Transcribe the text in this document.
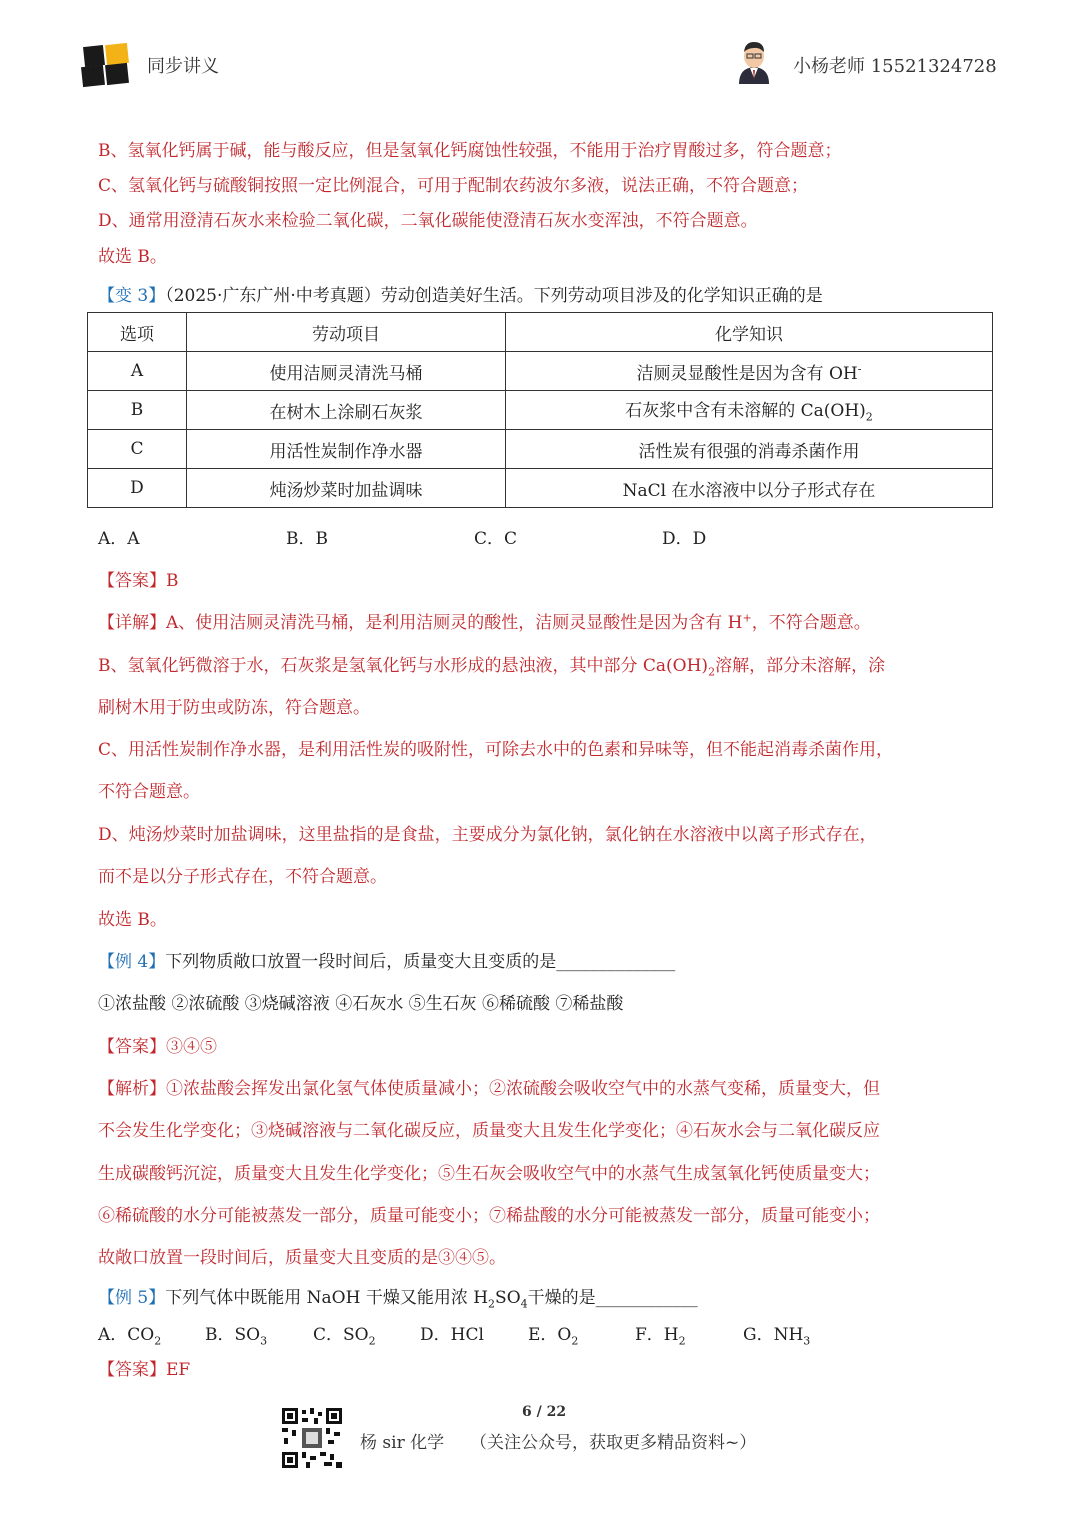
同步讲义	小杨老师 15521324728
B、氢氧化钙属于碱，能与酸反应，但是氢氧化钙腐蚀性较强，不能用于治疗胃酸过多，符合题意；
C、氢氧化钙与硫酸铜按照一定比例混合，可用于配制农药波尔多液，说法正确，不符合题意；
D、通常用澄清石灰水来检验二氧化碳，二氧化碳能使澄清石灰水变浑浊，不符合题意。
故选 B。
【变 3】（2025·广东广州·中考真题）劳动创造美好生活。下列劳动项目涉及的化学知识正确的是
选项	劳动项目	化学知识
A	使用洁厕灵清洗马桶	洁厕灵显酸性是因为含有 OH-
B	在树木上涂刷石灰浆	石灰浆中含有未溶解的 $Ca(OH)_2$
C	用活性炭制作净水器	活性炭有很强的消毒杀菌作用
D	炖汤炒菜时加盐调味	NaCl 在水溶液中以分子形式存在
A．A	B．B	C．C	D．D
【答案】B
【详解】A、使用洁厕灵清洗马桶，是利用洁厕灵的酸性，洁厕灵显酸性是因为含有 H+，不符合题意。
B、氢氧化钙微溶于水，石灰浆是氢氧化钙与水形成的悬浊液，其中部分 $Ca(OH)_2$溶解，部分未溶解，涂
刷树木用于防虫或防冻，符合题意。
C、用活性炭制作净水器，是利用活性炭的吸附性，可除去水中的色素和异味等，但不能起消毒杀菌作用，
不符合题意。
D、炖汤炒菜时加盐调味，这里盐指的是食盐，主要成分为氯化钠，氯化钠在水溶液中以离子形式存在，
而不是以分子形式存在，不符合题意。
故选 B。
【例 4】下列物质敞口放置一段时间后，质量变大且变质的是______________
①浓盐酸 ②浓硫酸 ③烧碱溶液 ④石灰水 ⑤生石灰 ⑥稀硫酸 ⑦稀盐酸
【答案】③④⑤
【解析】①浓盐酸会挥发出氯化氢气体使质量减小；②浓硫酸会吸收空气中的水蒸气变稀，质量变大，但
不会发生化学变化；③烧碱溶液与二氧化碳反应，质量变大且发生化学变化；④石灰水会与二氧化碳反应
生成碳酸钙沉淀，质量变大且发生化学变化；⑤生石灰会吸收空气中的水蒸气生成氢氧化钙使质量变大；
⑥稀硫酸的水分可能被蒸发一部分，质量可能变小；⑦稀盐酸的水分可能被蒸发一部分，质量可能变小；
故敞口放置一段时间后，质量变大且变质的是③④⑤。
【例 5】下列气体中既能用 NaOH 干燥又能用浓 $H_2SO_4$干燥的是____________
A．$CO_2$	B．$SO_3$	C．$SO_2$	D．HCl	E．$O_2$	F．$H_2$	G．$NH_3$
【答案】EF
6 / 22
杨 sir 化学 （关注公众号，获取更多精品资料~）
